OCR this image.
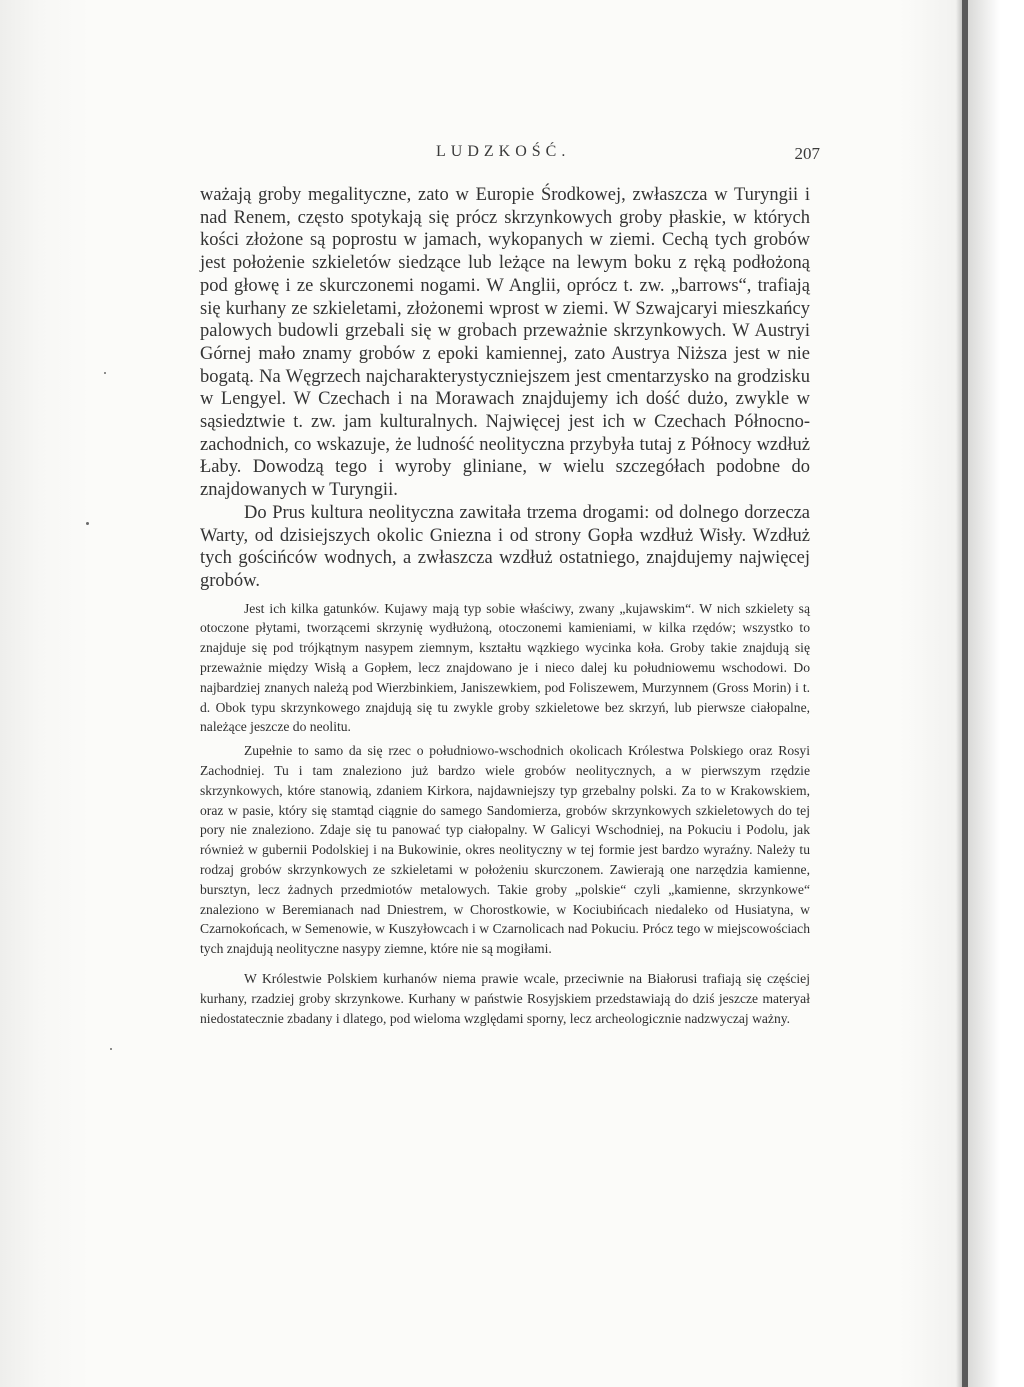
LUDZKOŚĆ.	207

ważają groby megalityczne, zato w Europie Środkowej, zwłaszcza w Turyngii i nad Renem, często spotykają się prócz skrzynkowych groby płaskie, w których kości złożone są poprostu w jamach, wykopanych w ziemi. Cechą tych grobów jest położenie szkieletów siedzące lub leżące na lewym boku z ręką podłożoną pod głowę i ze skurczonemi nogami. W Anglii, oprócz t. zw. „barrows“, trafiają się kurhany ze szkieletami, złożonemi wprost w ziemi. W Szwajcaryi mieszkańcy palowych budowli grzebali się w grobach przeważnie skrzynkowych. W Austryi Górnej mało znamy grobów z epoki kamiennej, zato Austrya Niższa jest w nie bogatą. Na Węgrzech najcharakterystyczniejszem jest cmentarzysko na grodzisku w Lengyel. W Czechach i na Morawach znajdujemy ich dość dużo, zwykle w sąsiedztwie t. zw. jam kulturalnych. Najwięcej jest ich w Czechach Północno-zachodnich, co wskazuje, że ludność neolityczna przybyła tutaj z Północy wzdłuż Łaby. Dowodzą tego i wyroby gliniane, w wielu szczegółach podobne do znajdowanych w Turyngii.

Do Prus kultura neolityczna zawitała trzema drogami: od dolnego dorzecza Warty, od dzisiejszych okolic Gniezna i od strony Gopła wzdłuż Wisły. Wzdłuż tych gościńców wodnych, a zwłaszcza wzdłuż ostatniego, znajdujemy najwięcej grobów.

Jest ich kilka gatunków. Kujawy mają typ sobie właściwy, zwany „kujawskim“. W nich szkielety są otoczone płytami, tworzącemi skrzynię wydłużoną, otoczonemi kamieniami, w kilka rzędów; wszystko to znajduje się pod trójkątnym nasypem ziemnym, kształtu wązkiego wycinka koła. Groby takie znajdują się przeważnie między Wisłą a Gopłem, lecz znajdowano je i nieco dalej ku południowemu wschodowi. Do najbardziej znanych należą pod Wierzbinkiem, Janiszewkiem, pod Foliszewem, Murzynnem (Gross Morin) i t. d. Obok typu skrzynkowego znajdują się tu zwykle groby szkieletowe bez skrzyń, lub pierwsze ciałopalne, należące jeszcze do neolitu.

Zupełnie to samo da się rzec o południowo-wschodnich okolicach Królestwa Polskiego oraz Rosyi Zachodniej. Tu i tam znaleziono już bardzo wiele grobów neolitycznych, a w pierwszym rzędzie skrzynkowych, które stanowią, zdaniem Kirkora, najdawniejszy typ grzebalny polski. Za to w Krakowskiem, oraz w pasie, który się stamtąd ciągnie do samego Sandomierza, grobów skrzynkowych szkieletowych do tej pory nie znaleziono. Zdaje się tu panować typ ciałopalny. W Galicyi Wschodniej, na Pokuciu i Podolu, jak również w gubernii Podolskiej i na Bukowinie, okres neolityczny w tej formie jest bardzo wyraźny. Należy tu rodzaj grobów skrzynkowych ze szkieletami w położeniu skurczonem. Zawierają one narzędzia kamienne, bursztyn, lecz żadnych przedmiotów metalowych. Takie groby „polskie“ czyli „kamienne, skrzynkowe“ znaleziono w Beremianach nad Dniestrem, w Chorostkowie, w Kociubińcach niedaleko od Husiatyna, w Czarnokońcach, w Semenowie, w Kuszyłowcach i w Czarnolicach nad Pokuciu. Prócz tego w miejscowościach tych znajdują neolityczne nasypy ziemne, które nie są mogiłami.

W Królestwie Polskiem kurhanów niema prawie wcale, przeciwnie na Białorusi trafiają się częściej kurhany, rzadziej groby skrzynkowe. Kurhany w państwie Rosyjskiem przedstawiają do dziś jeszcze materyał niedostatecznie zbadany i dlatego, pod wieloma względami sporny, lecz archeologicznie nadzwyczaj ważny.
